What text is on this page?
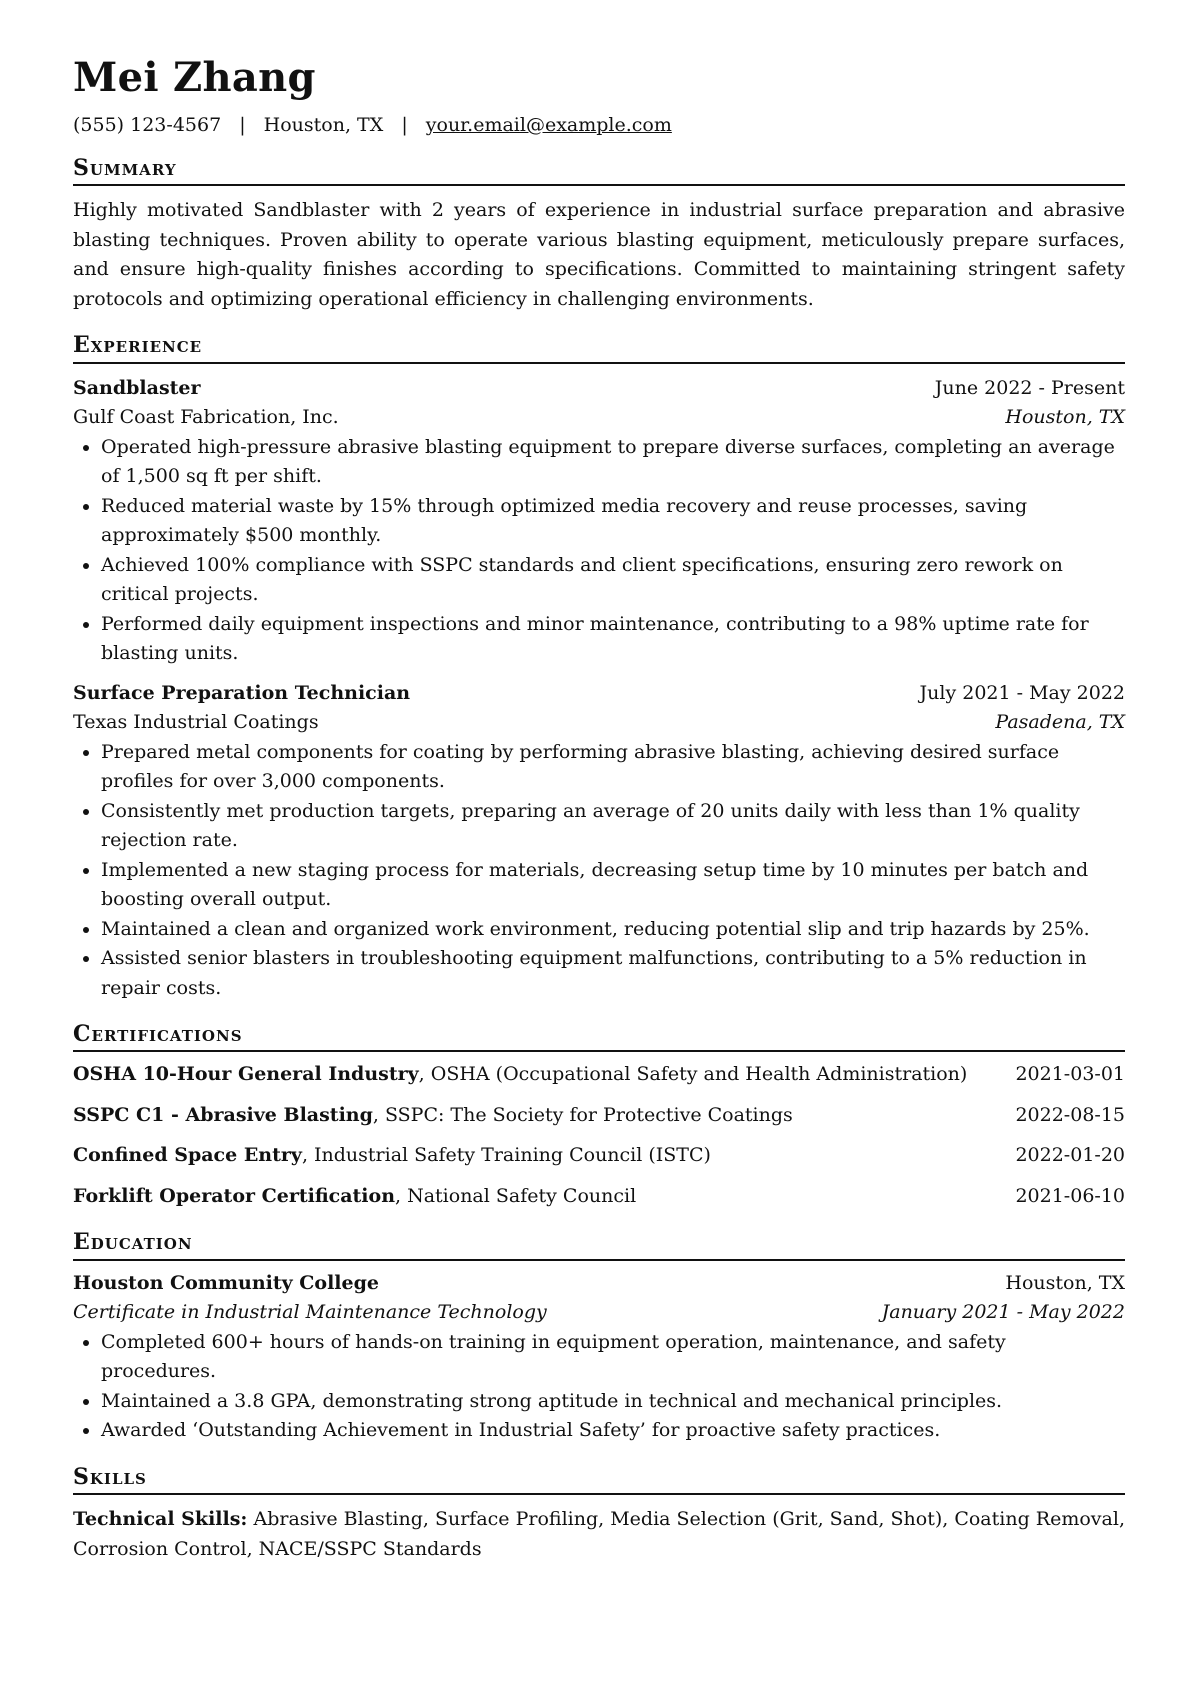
Mei Zhang
(555) 123-4567 | Houston, TX | your.email@example.com
Summary
Highly motivated Sandblaster with 2 years of experience in industrial surface preparation and abrasive blasting techniques. Proven ability to operate various blasting equipment, meticulously prepare surfaces, and ensure high-quality finishes according to specifications. Committed to maintaining stringent safety protocols and optimizing operational efficiency in challenging environments.
Experience
Sandblaster	June 2022 - Present
Gulf Coast Fabrication, Inc.	Houston, TX
• Operated high-pressure abrasive blasting equipment to prepare diverse surfaces, completing an average of 1,500 sq ft per shift.
• Reduced material waste by 15% through optimized media recovery and reuse processes, saving approximately $500 monthly.
• Achieved 100% compliance with SSPC standards and client specifications, ensuring zero rework on critical projects.
• Performed daily equipment inspections and minor maintenance, contributing to a 98% uptime rate for blasting units.
Surface Preparation Technician	July 2021 - May 2022
Texas Industrial Coatings	Pasadena, TX
• Prepared metal components for coating by performing abrasive blasting, achieving desired surface profiles for over 3,000 components.
• Consistently met production targets, preparing an average of 20 units daily with less than 1% quality rejection rate.
• Implemented a new staging process for materials, decreasing setup time by 10 minutes per batch and boosting overall output.
• Maintained a clean and organized work environment, reducing potential slip and trip hazards by 25%.
• Assisted senior blasters in troubleshooting equipment malfunctions, contributing to a 5% reduction in repair costs.
Certifications
OSHA 10-Hour General Industry, OSHA (Occupational Safety and Health Administration)	2021-03-01
SSPC C1 - Abrasive Blasting, SSPC: The Society for Protective Coatings	2022-08-15
Confined Space Entry, Industrial Safety Training Council (ISTC)	2022-01-20
Forklift Operator Certification, National Safety Council	2021-06-10
Education
Houston Community College	Houston, TX
Certificate in Industrial Maintenance Technology	January 2021 - May 2022
• Completed 600+ hours of hands-on training in equipment operation, maintenance, and safety procedures.
• Maintained a 3.8 GPA, demonstrating strong aptitude in technical and mechanical principles.
• Awarded ‘Outstanding Achievement in Industrial Safety’ for proactive safety practices.
Skills
Technical Skills: Abrasive Blasting, Surface Profiling, Media Selection (Grit, Sand, Shot), Coating Removal, Corrosion Control, NACE/SSPC Standards
